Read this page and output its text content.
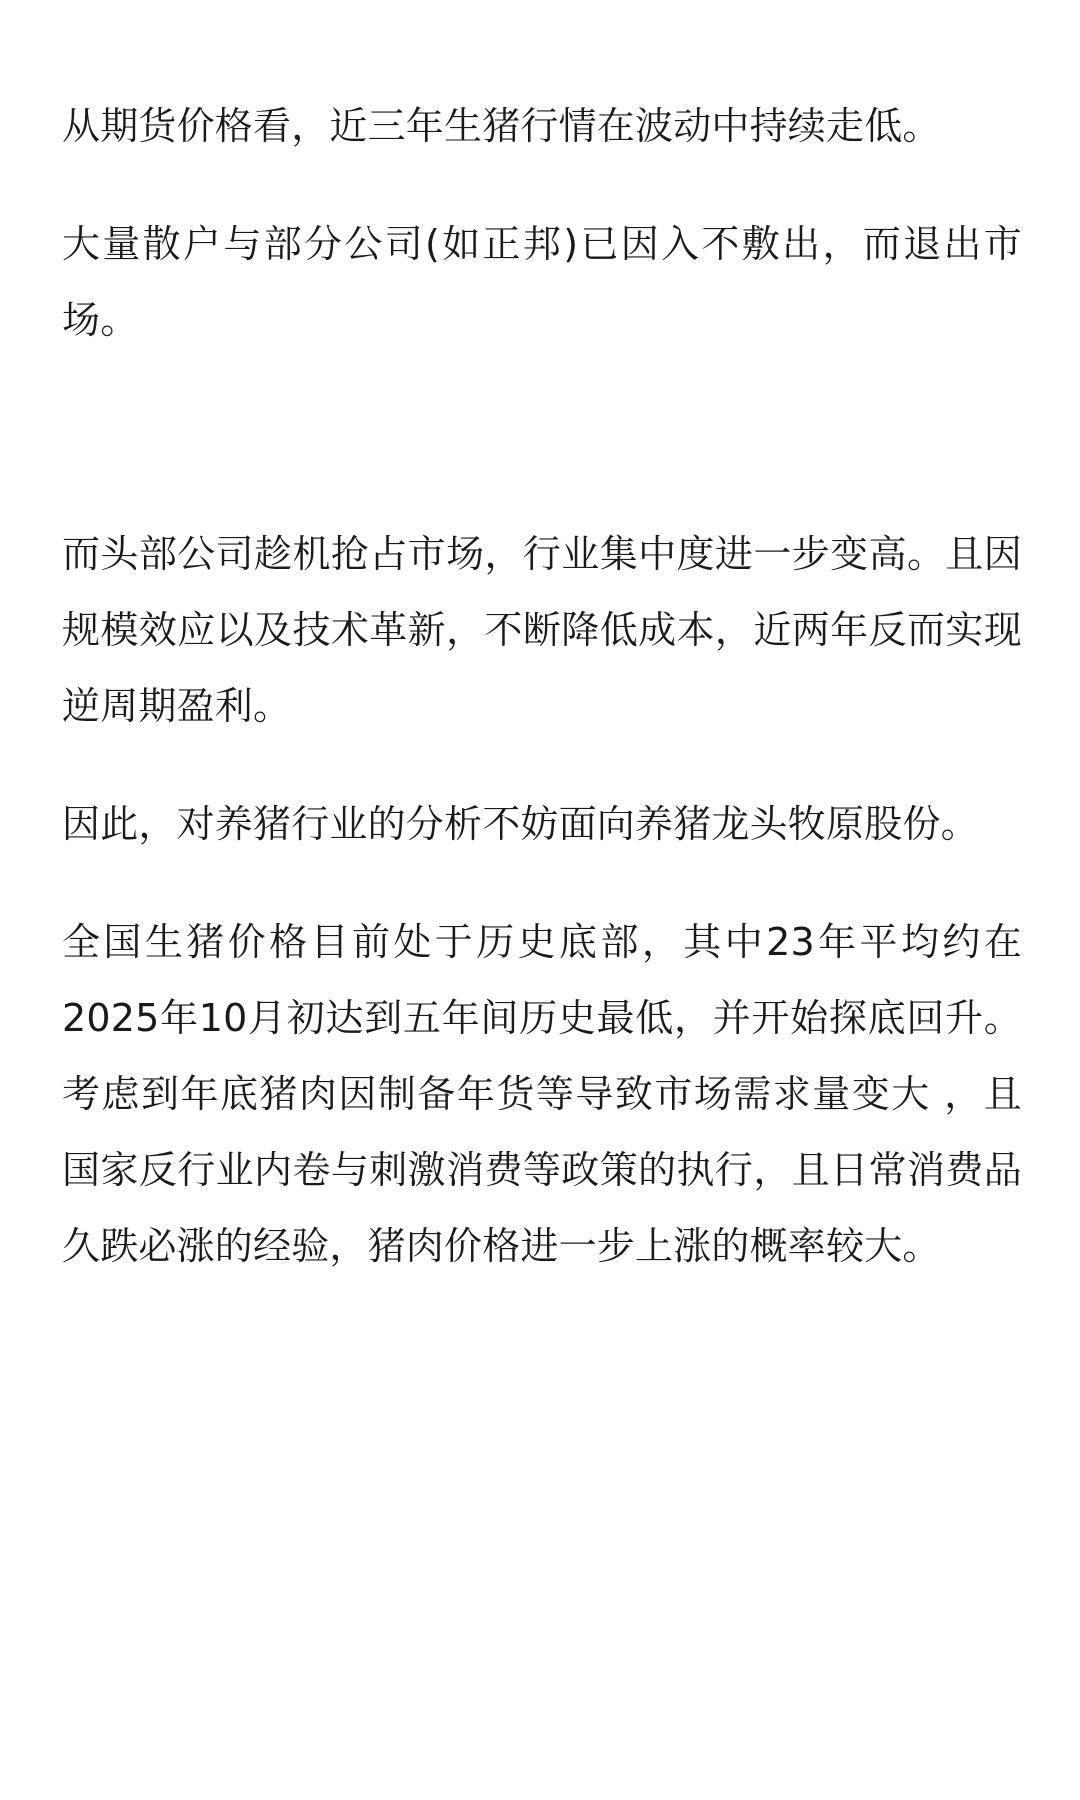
从期货价格看，近三年生猪行情在波动中持续走低。

大量散户与部分公司(如正邦)已因入不敷出，而退出市场。

而头部公司趁机抢占市场，行业集中度进一步变高。且因规模效应以及技术革新，不断降低成本，近两年反而实现逆周期盈利。

因此，对养猪行业的分析不妨面向养猪龙头牧原股份。

全国生猪价格目前处于历史底部，其中23年平均约在2025年10月初达到五年间历史最低，并开始探底回升。考虑到年底猪肉因制备年货等导致市场需求量变大 ，且国家反行业内卷与刺激消费等政策的执行，且日常消费品久跌必涨的经验，猪肉价格进一步上涨的概率较大。
